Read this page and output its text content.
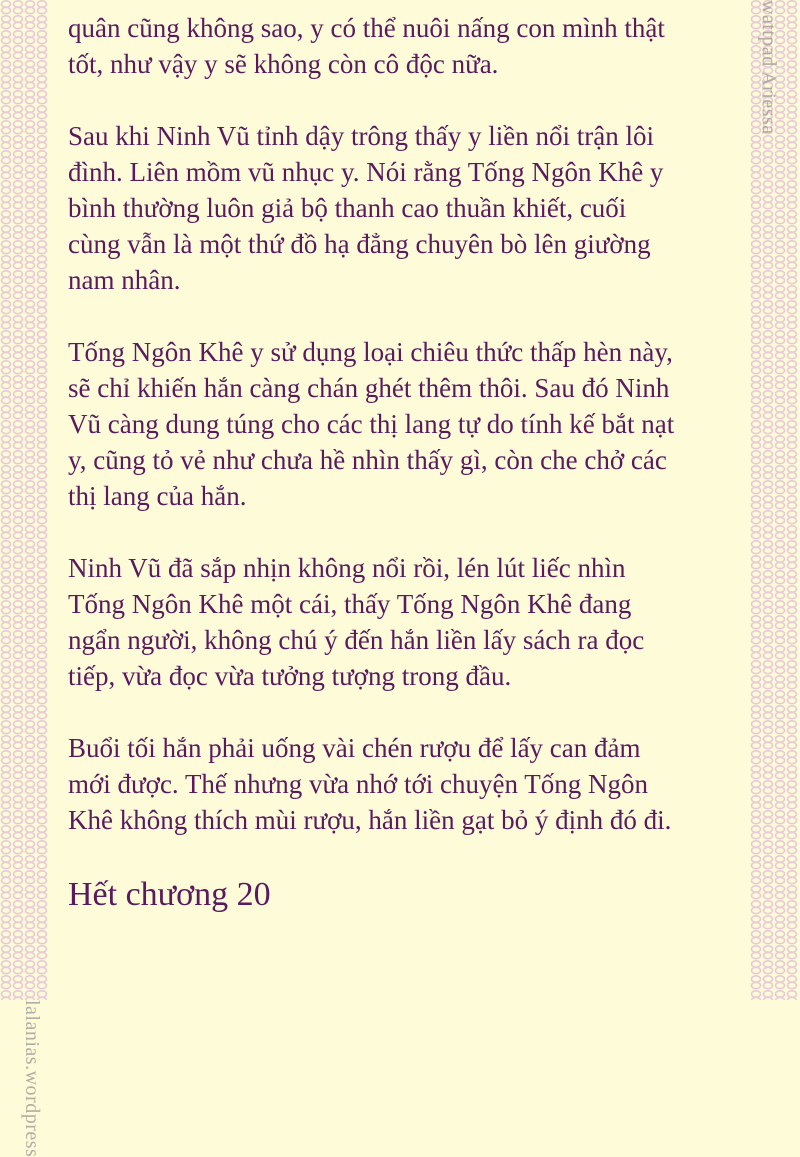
wattpad Ariessa
lalanias.wordpress

quân cũng không sao, y có thể nuôi nấng con mình thật
tốt, như vậy y sẽ không còn cô độc nữa.

Sau khi Ninh Vũ tỉnh dậy trông thấy y liền nổi trận lôi
đình. Liên mồm vũ nhục y. Nói rằng Tống Ngôn Khê y
bình thường luôn giả bộ thanh cao thuần khiết, cuối
cùng vẫn là một thứ đồ hạ đẳng chuyên bò lên giường
nam nhân.

Tống Ngôn Khê y sử dụng loại chiêu thức thấp hèn này,
sẽ chỉ khiến hắn càng chán ghét thêm thôi. Sau đó Ninh
Vũ càng dung túng cho các thị lang tự do tính kế bắt nạt
y, cũng tỏ vẻ như chưa hề nhìn thấy gì, còn che chở các
thị lang của hắn.

Ninh Vũ đã sắp nhịn không nổi rồi, lén lút liếc nhìn
Tống Ngôn Khê một cái, thấy Tống Ngôn Khê đang
ngẩn người, không chú ý đến hắn liền lấy sách ra đọc
tiếp, vừa đọc vừa tưởng tượng trong đầu.

Buổi tối hắn phải uống vài chén rượu để lấy can đảm
mới được. Thế nhưng vừa nhớ tới chuyện Tống Ngôn
Khê không thích mùi rượu, hắn liền gạt bỏ ý định đó đi.

Hết chương 20
